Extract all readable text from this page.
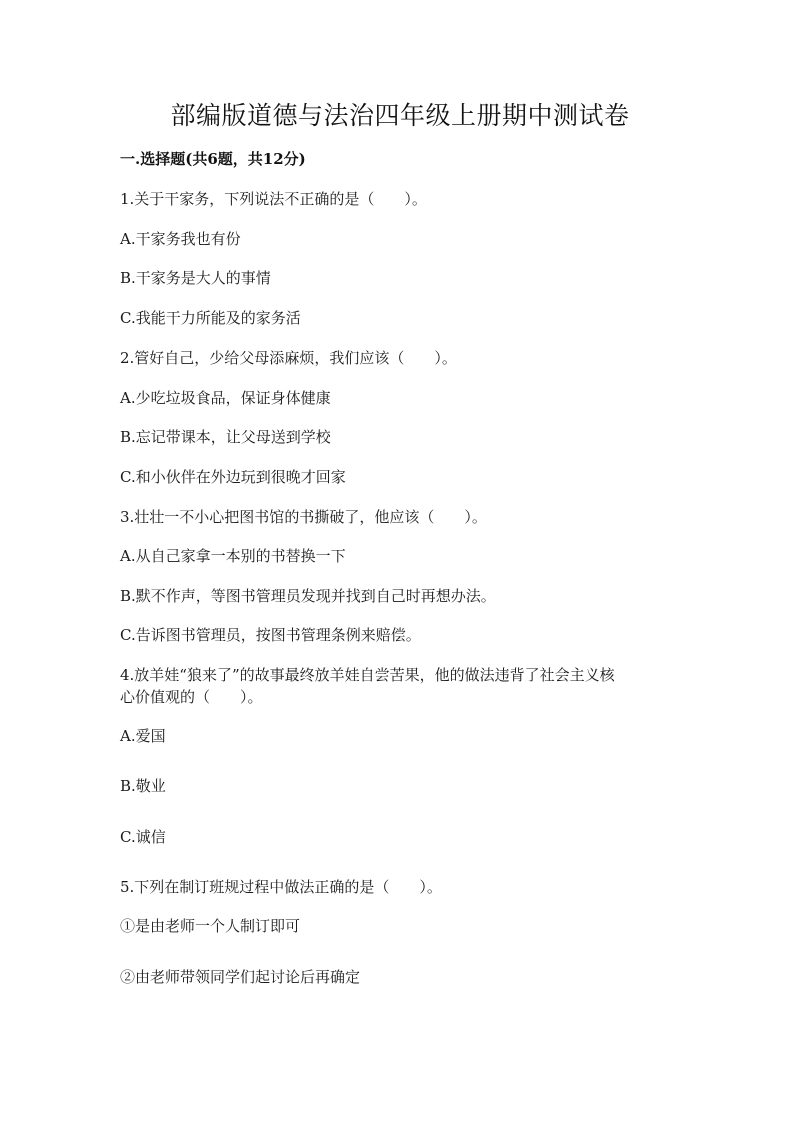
部编版道德与法治四年级上册期中测试卷
一.选择题(共6题，共12分)
1.关于干家务，下列说法不正确的是（　　）。
A.干家务我也有份
B.干家务是大人的事情
C.我能干力所能及的家务活
2.管好自己，少给父母添麻烦，我们应该（　　）。
A.少吃垃圾食品，保证身体健康
B.忘记带课本，让父母送到学校
C.和小伙伴在外边玩到很晚才回家
3.壮壮一不小心把图书馆的书撕破了，他应该（　　）。
A.从自己家拿一本别的书替换一下
B.默不作声，等图书管理员发现并找到自己时再想办法。
C.告诉图书管理员，按图书管理条例来赔偿。
4.放羊娃“狼来了”的故事最终放羊娃自尝苦果，他的做法违背了社会主义核
心价值观的（　　）。
A.爱国
B.敬业
C.诚信
5.下列在制订班规过程中做法正确的是（　　）。
①是由老师一个人制订即可
②由老师带领同学们起讨论后再确定
